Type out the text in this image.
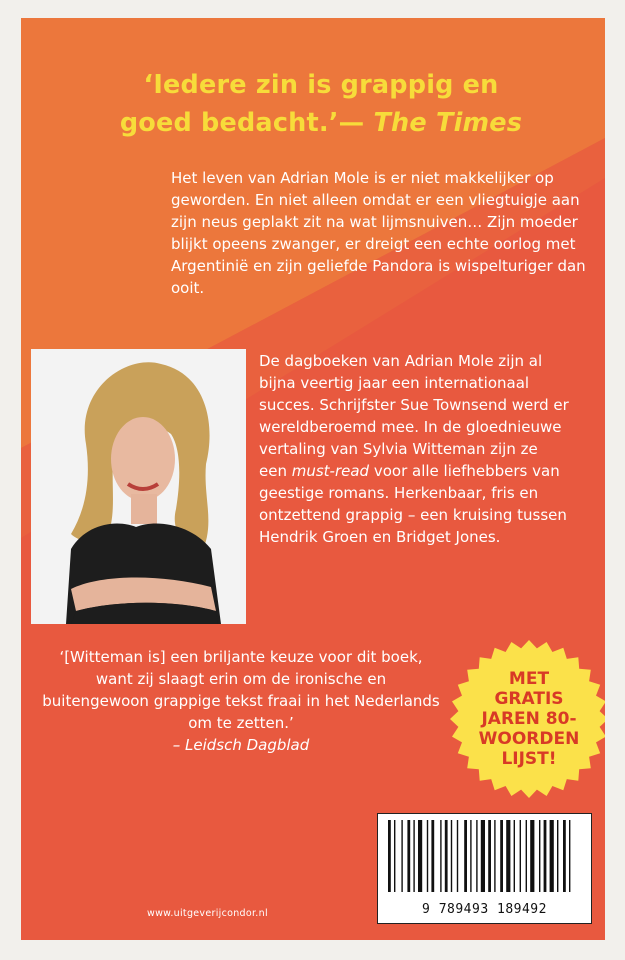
‘Iedere zin is grappig en
goed bedacht.’— The Times
Het leven van Adrian Mole is er niet makkelijker op geworden. En niet alleen omdat er een vliegtuigje aan zijn neus geplakt zit na wat lijmsnuiven… Zijn moeder blijkt opeens zwanger, er dreigt een echte oorlog met Argentinië en zijn geliefde Pandora is wispelturiger dan ooit.
De dagboeken van Adrian Mole zijn al bijna veertig jaar een internationaal succes. Schrijfster Sue Townsend werd er wereldberoemd mee. In de gloednieuwe vertaling van Sylvia Witteman zijn ze een must-read voor alle liefhebbers van geestige romans. Herkenbaar, fris en ontzettend grappig – een kruising tussen Hendrik Groen en Bridget Jones.
‘[Witteman is] een briljante keuze voor dit boek, want zij slaagt erin om de ironische en buitengewoon grappige tekst fraai in het Nederlands om te zetten.’
– Leidsch Dagblad
MET
GRATIS
JAREN 80-
WOORDEN
LIJST!
9 789493 189492
www.uitgeverijcondor.nl
